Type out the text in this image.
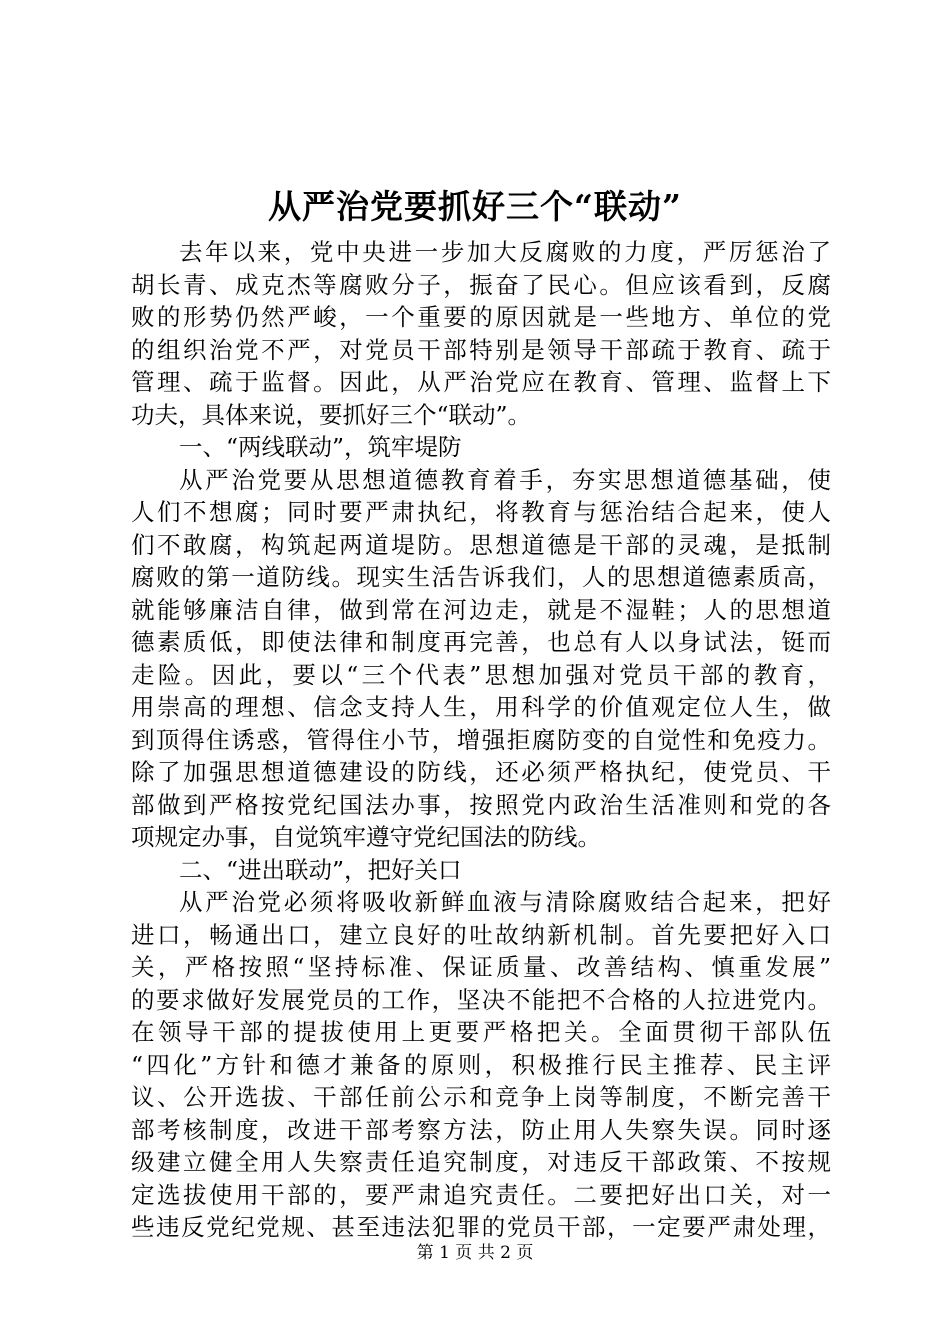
从严治党要抓好三个“联动”
去年以来，党中央进一步加大反腐败的力度，严厉惩治了
胡长青、成克杰等腐败分子，振奋了民心。但应该看到，反腐
败的形势仍然严峻，一个重要的原因就是一些地方、单位的党
的组织治党不严，对党员干部特别是领导干部疏于教育、疏于
管理、疏于监督。因此，从严治党应在教育、管理、监督上下
功夫，具体来说，要抓好三个“联动”。
一、“两线联动”，筑牢堤防
从严治党要从思想道德教育着手，夯实思想道德基础，使
人们不想腐；同时要严肃执纪，将教育与惩治结合起来，使人
们不敢腐，构筑起两道堤防。思想道德是干部的灵魂，是抵制
腐败的第一道防线。现实生活告诉我们，人的思想道德素质高，
就能够廉洁自律，做到常在河边走，就是不湿鞋；人的思想道
德素质低，即使法律和制度再完善，也总有人以身试法，铤而
走险。因此，要以“三个代表”思想加强对党员干部的教育，
用崇高的理想、信念支持人生，用科学的价值观定位人生，做
到顶得住诱惑，管得住小节，增强拒腐防变的自觉性和免疫力。
除了加强思想道德建设的防线，还必须严格执纪，使党员、干
部做到严格按党纪国法办事，按照党内政治生活准则和党的各
项规定办事，自觉筑牢遵守党纪国法的防线。
二、“进出联动”，把好关口
从严治党必须将吸收新鲜血液与清除腐败结合起来，把好
进口，畅通出口，建立良好的吐故纳新机制。首先要把好入口
关，严格按照“坚持标准、保证质量、改善结构、慎重发展”
的要求做好发展党员的工作，坚决不能把不合格的人拉进党内。
在领导干部的提拔使用上更要严格把关。全面贯彻干部队伍
“四化”方针和德才兼备的原则，积极推行民主推荐、民主评
议、公开选拔、干部任前公示和竞争上岗等制度，不断完善干
部考核制度，改进干部考察方法，防止用人失察失误。同时逐
级建立健全用人失察责任追究制度，对违反干部政策、不按规
定选拔使用干部的，要严肃追究责任。二要把好出口关，对一
些违反党纪党规、甚至违法犯罪的党员干部，一定要严肃处理，
第 1 页 共 2 页
